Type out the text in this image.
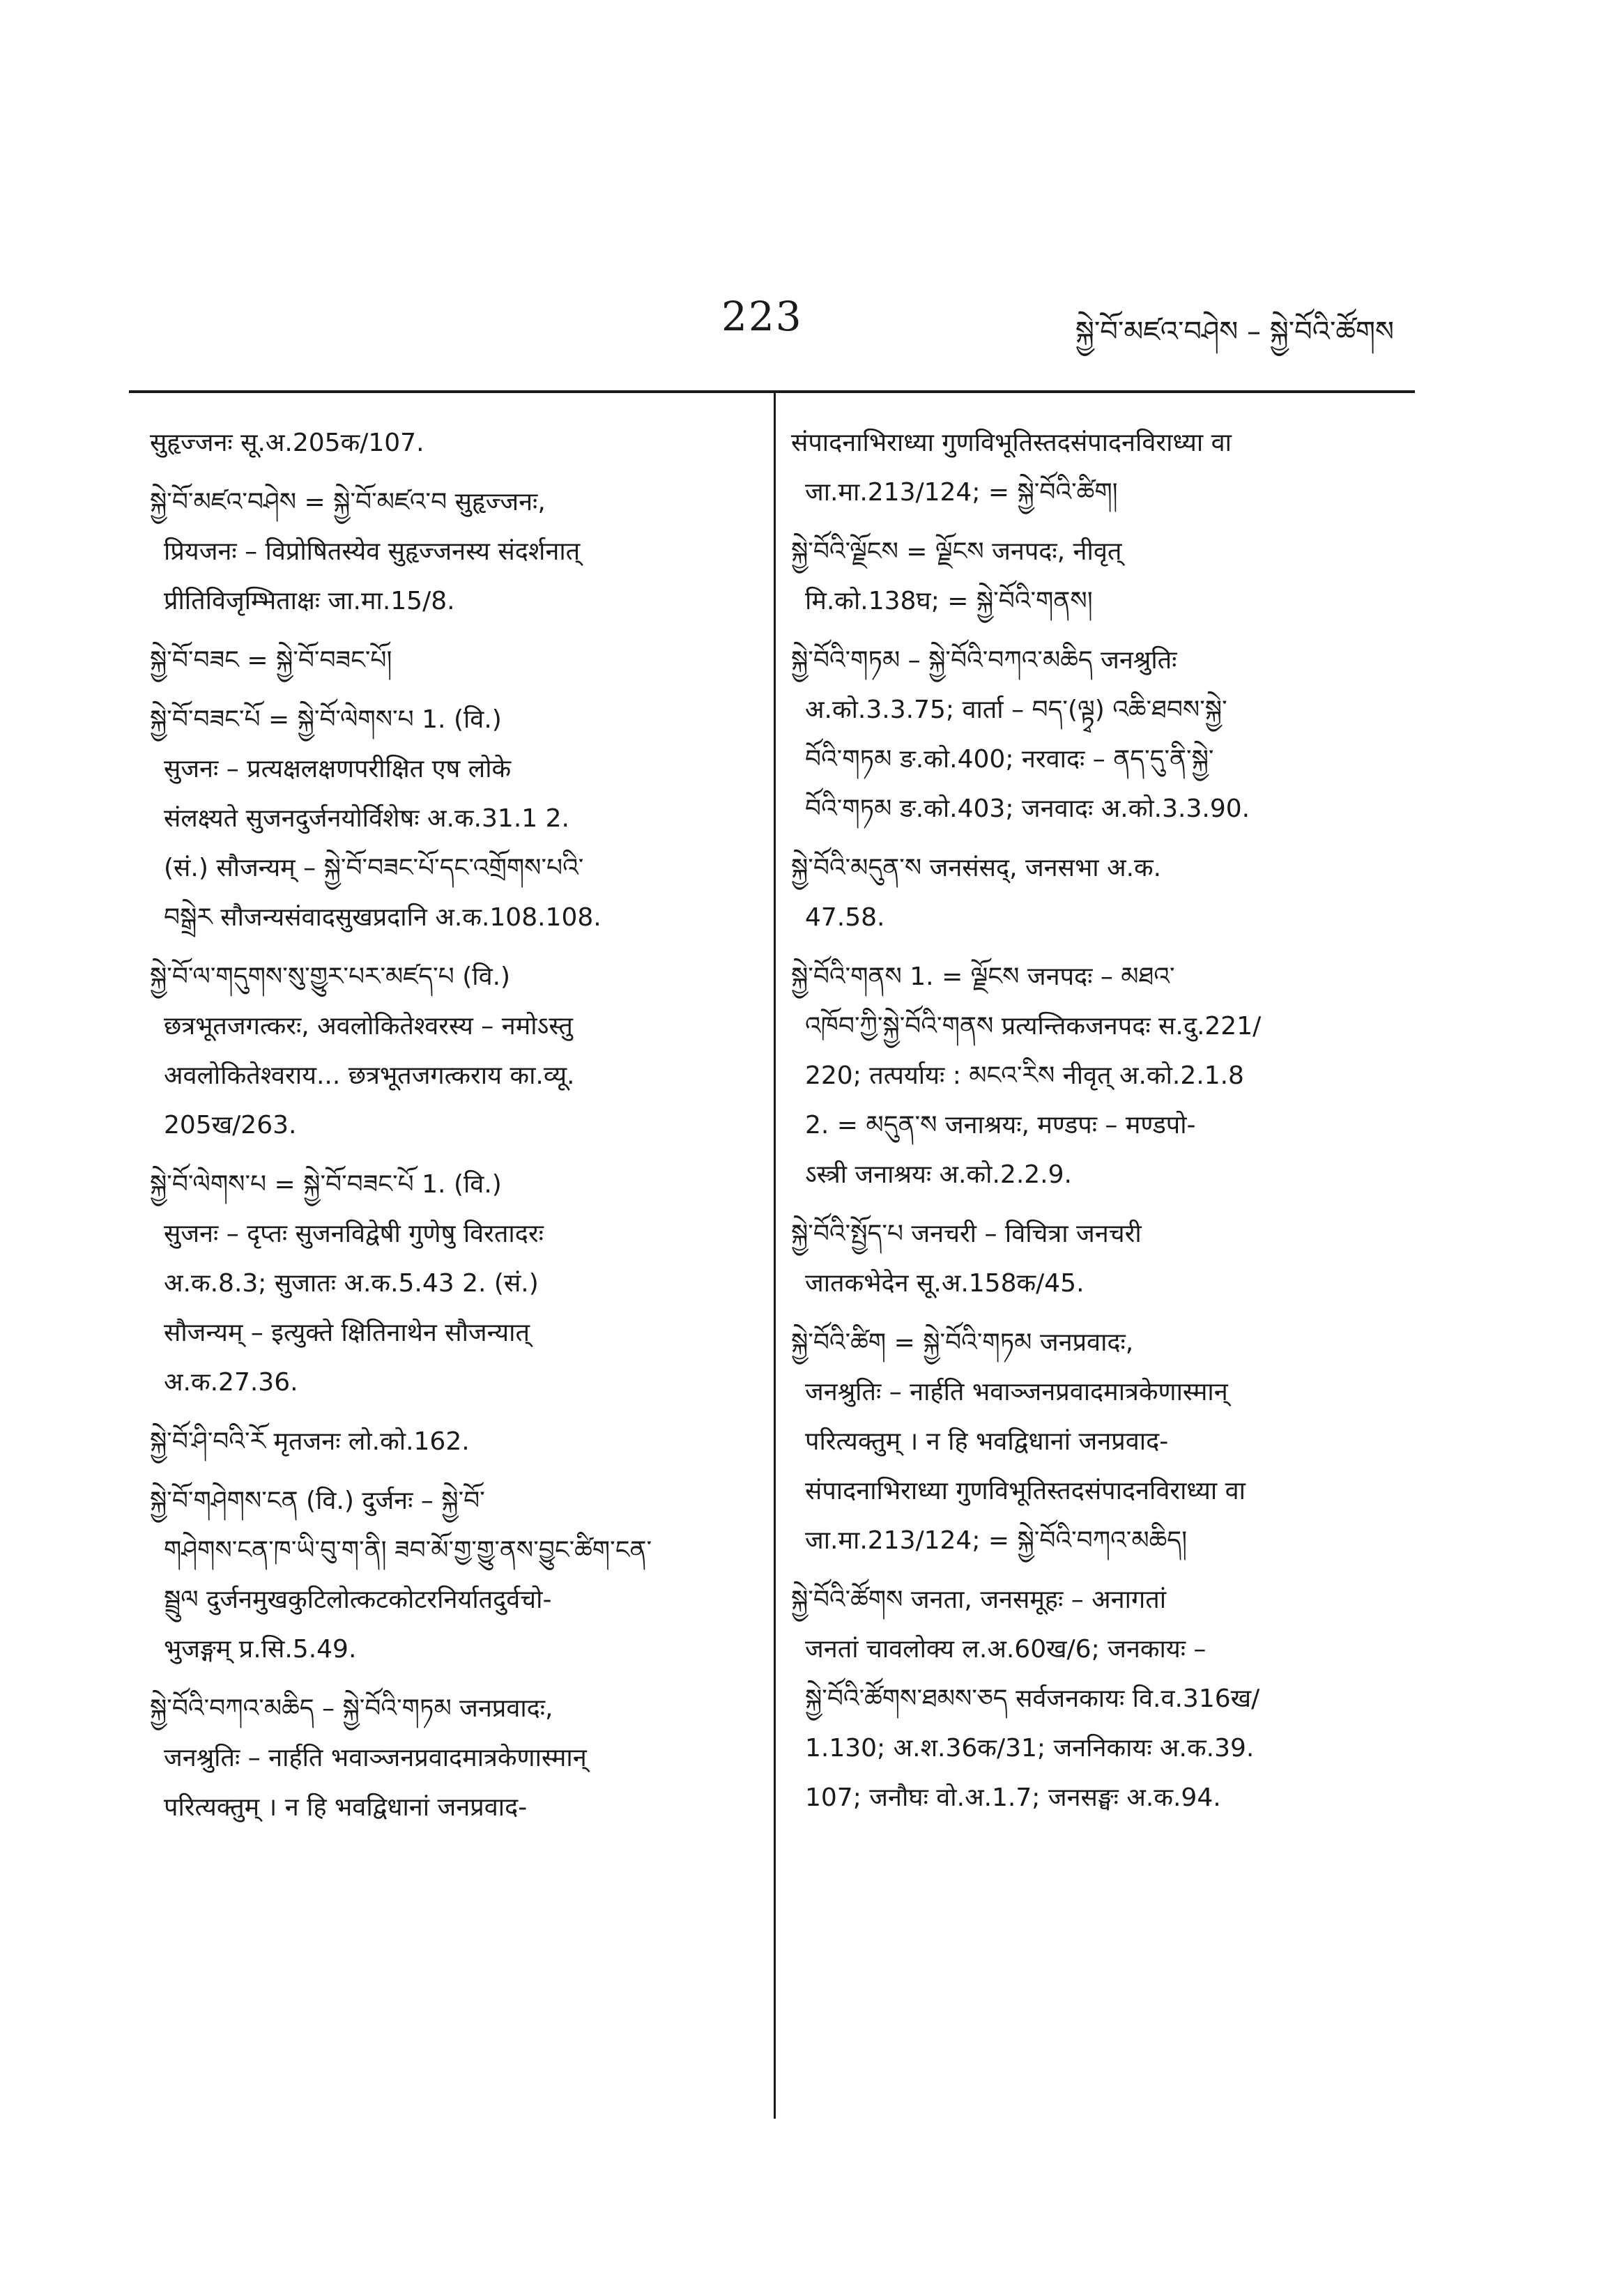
223	སྐྱེ་བོ་མཛའ་བཤེས – སྐྱེ་བོའི་ཚོགས
सुहृज्जनः सू.अ.205क/107.
སྐྱེ་བོ་མཛའ་བཤེས = སྐྱེ་བོ་མཛའ་བ सुहृज्जनः,
प्रियजनः – विप्रोषितस्येव सुहृज्जनस्य संदर्शनात्
प्रीतिविजृम्भिताक्षः जा.मा.15/8.
སྐྱེ་བོ་བཟང = སྐྱེ་བོ་བཟང་པོ།
སྐྱེ་བོ་བཟང་པོ = སྐྱེ་བོ་ལེགས་པ 1. (वि.)
सुजनः – प्रत्यक्षलक्षणपरीक्षित एष लोके
संलक्ष्यते सुजनदुर्जनयोर्विशेषः अ.क.31.1 2.
(सं.) सौजन्यम् – སྐྱེ་བོ་བཟང་པོ་དང་འགྲོགས་པའི་
བསྒྲེར सौजन्यसंवादसुखप्रदानि अ.क.108.108.
སྐྱེ་བོ་ལ་གདུགས་སུ་གྱུར་པར་མཛད་པ (वि.)
छत्रभूतजगत्करः, अवलोकितेश्वरस्य – नमोऽस्तु
अवलोकितेश्वराय... छत्रभूतजगत्कराय का.व्यू.
205ख/263.
སྐྱེ་བོ་ལེགས་པ = སྐྱེ་བོ་བཟང་པོ 1. (वि.)
सुजनः – दृप्तः सुजनविद्वेषी गुणेषु विरतादरः
अ.क.8.3; सुजातः अ.क.5.43 2. (सं.)
सौजन्यम् – इत्युक्ते क्षितिनाथेन सौजन्यात्
अ.क.27.36.
སྐྱེ་བོ་ཤི་བའི་རོ मृतजनः लो.को.162.
སྐྱེ་བོ་གཤེགས་ངན (वि.) दुर्जनः – སྐྱེ་བོ་
གཤེགས་ངན་ཁ་ཡི་བུ་ག་ནི། ཟབ་མོ་གྱ་གྱུ་ནས་བྱུང་ཚིག་ངན་
སྦྲུལ दुर्जनमुखकुटिलोत्कटकोटरनिर्यातदुर्वचो-
भुजङ्गम् प्र.सि.5.49.
སྐྱེ་བོའི་བཀའ་མཆིད – སྐྱེ་བོའི་གཏམ जनप्रवादः,
जनश्रुतिः – नार्हति भवाञ्जनप्रवादमात्रकेणास्मान्
परित्यक्तुम् । न हि भवद्विधानां जनप्रवाद-
संपादनाभिराध्या गुणविभूतिस्तदसंपादनविराध्या वा
जा.मा.213/124; = སྐྱེ་བོའི་ཚིག།
སྐྱེ་བོའི་ལྗོངས = ལྗོངས जनपदः, नीवृत्
मि.को.138घ; = སྐྱེ་བོའི་གནས།
སྐྱེ་བོའི་གཏམ – སྐྱེ་བོའི་བཀའ་མཆིད जनश्रुतिः
अ.को.3.3.75; वार्ता – བད་(ལྟྭ) འཆི་ཐབས་སྐྱེ་
བོའི་གཏམ ङ.को.400; नरवादः – ནད་དུ་ནི་སྐྱེ་
བོའི་གཏམ ङ.को.403; जनवादः अ.को.3.3.90.
སྐྱེ་བོའི་མདུན་ས जनसंसद्, जनसभा अ.क.
47.58.
སྐྱེ་བོའི་གནས 1. = ལྗོངས जनपदः – མཐའ་
འཁོབ་ཀྱི་སྐྱེ་བོའི་གནས प्रत्यन्तिकजनपदः स.दु.221/
220; तत्पर्यायः : མངའ་རིས नीवृत् अ.को.2.1.8
2. = མདུན་ས जनाश्रयः, मण्डपः – मण्डपो-
ऽस्त्री जनाश्रयः अ.को.2.2.9.
སྐྱེ་བོའི་སྤྱོད་པ जनचरी – विचित्रा जनचरी
जातकभेदेन सू.अ.158क/45.
སྐྱེ་བོའི་ཚིག = སྐྱེ་བོའི་གཏམ जनप्रवादः,
जनश्रुतिः – नार्हति भवाञ्जनप्रवादमात्रकेणास्मान्
परित्यक्तुम् । न हि भवद्विधानां जनप्रवाद-
संपादनाभिराध्या गुणविभूतिस्तदसंपादनविराध्या वा
जा.मा.213/124; = སྐྱེ་བོའི་བཀའ་མཆིད།
སྐྱེ་བོའི་ཚོགས जनता, जनसमूहः – अनागतां
जनतां चावलोक्य ल.अ.60ख/6; जनकायः –
སྐྱེ་བོའི་ཚོགས་ཐམས་ཅད सर्वजनकायः वि.व.316ख/
1.130; अ.श.36क/31; जननिकायः अ.क.39.
107; जनौघः वो.अ.1.7; जनसङ्घः अ.क.94.
